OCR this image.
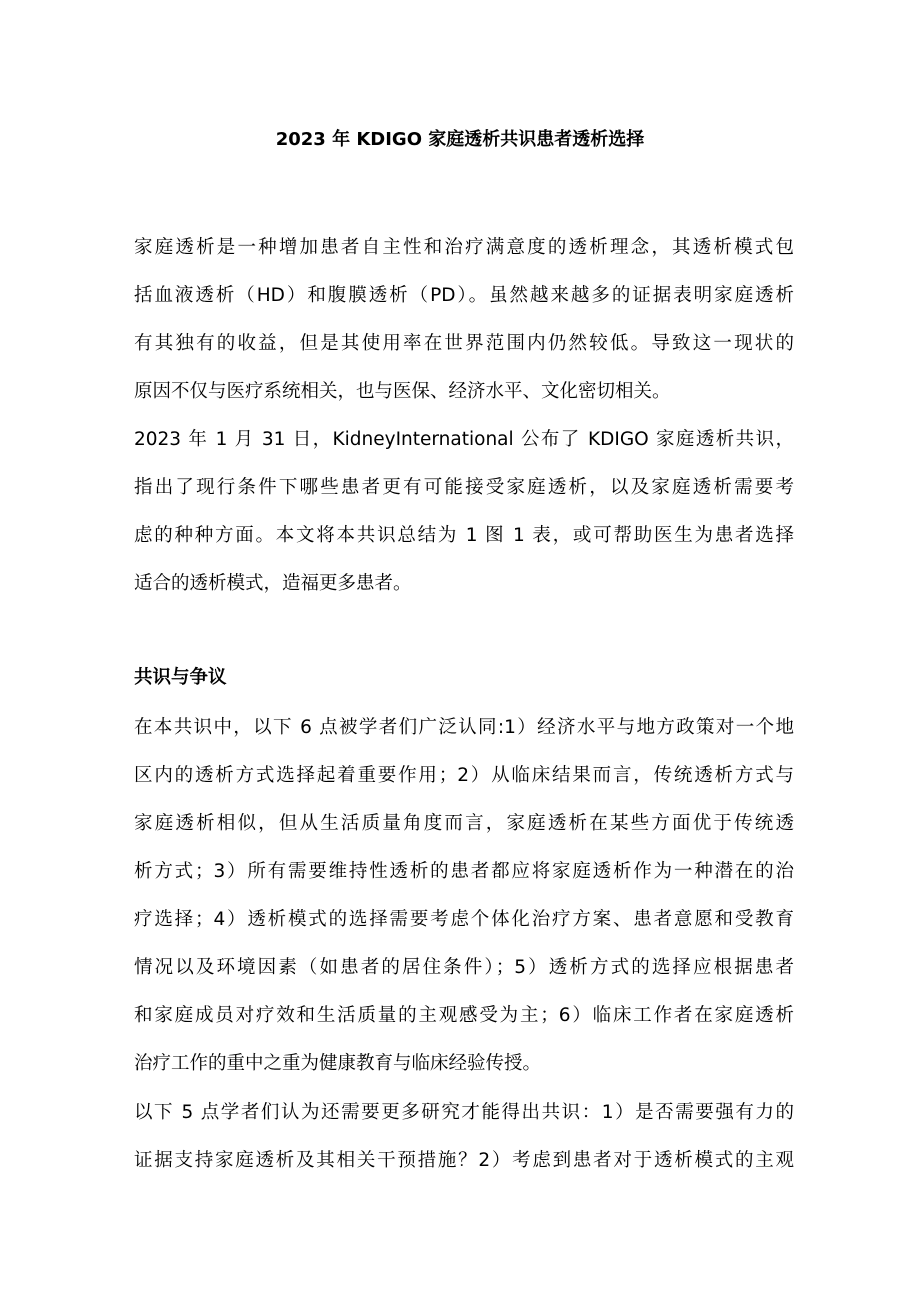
2023 年 KDIGO 家庭透析共识患者透析选择
家庭透析是一种增加患者自主性和治疗满意度的透析理念，其透析模式包
括血液透析（HD）和腹膜透析（PD）。虽然越来越多的证据表明家庭透析
有其独有的收益，但是其使用率在世界范围内仍然较低。导致这一现状的
原因不仅与医疗系统相关，也与医保、经济水平、文化密切相关。
2023 年 1 月 31 日，KidneyInternational 公布了 KDIGO 家庭透析共识，
指出了现行条件下哪些患者更有可能接受家庭透析，以及家庭透析需要考
虑的种种方面。本文将本共识总结为 1 图 1 表，或可帮助医生为患者选择
适合的透析模式，造福更多患者。
共识与争议
在本共识中，以下 6 点被学者们广泛认同:1）经济水平与地方政策对一个地
区内的透析方式选择起着重要作用；2）从临床结果而言，传统透析方式与
家庭透析相似，但从生活质量角度而言，家庭透析在某些方面优于传统透
析方式；3）所有需要维持性透析的患者都应将家庭透析作为一种潜在的治
疗选择；4）透析模式的选择需要考虑个体化治疗方案、患者意愿和受教育
情况以及环境因素（如患者的居住条件）；5）透析方式的选择应根据患者
和家庭成员对疗效和生活质量的主观感受为主；6）临床工作者在家庭透析
治疗工作的重中之重为健康教育与临床经验传授。
以下 5 点学者们认为还需要更多研究才能得出共识：1）是否需要强有力的
证据支持家庭透析及其相关干预措施？2）考虑到患者对于透析模式的主观
